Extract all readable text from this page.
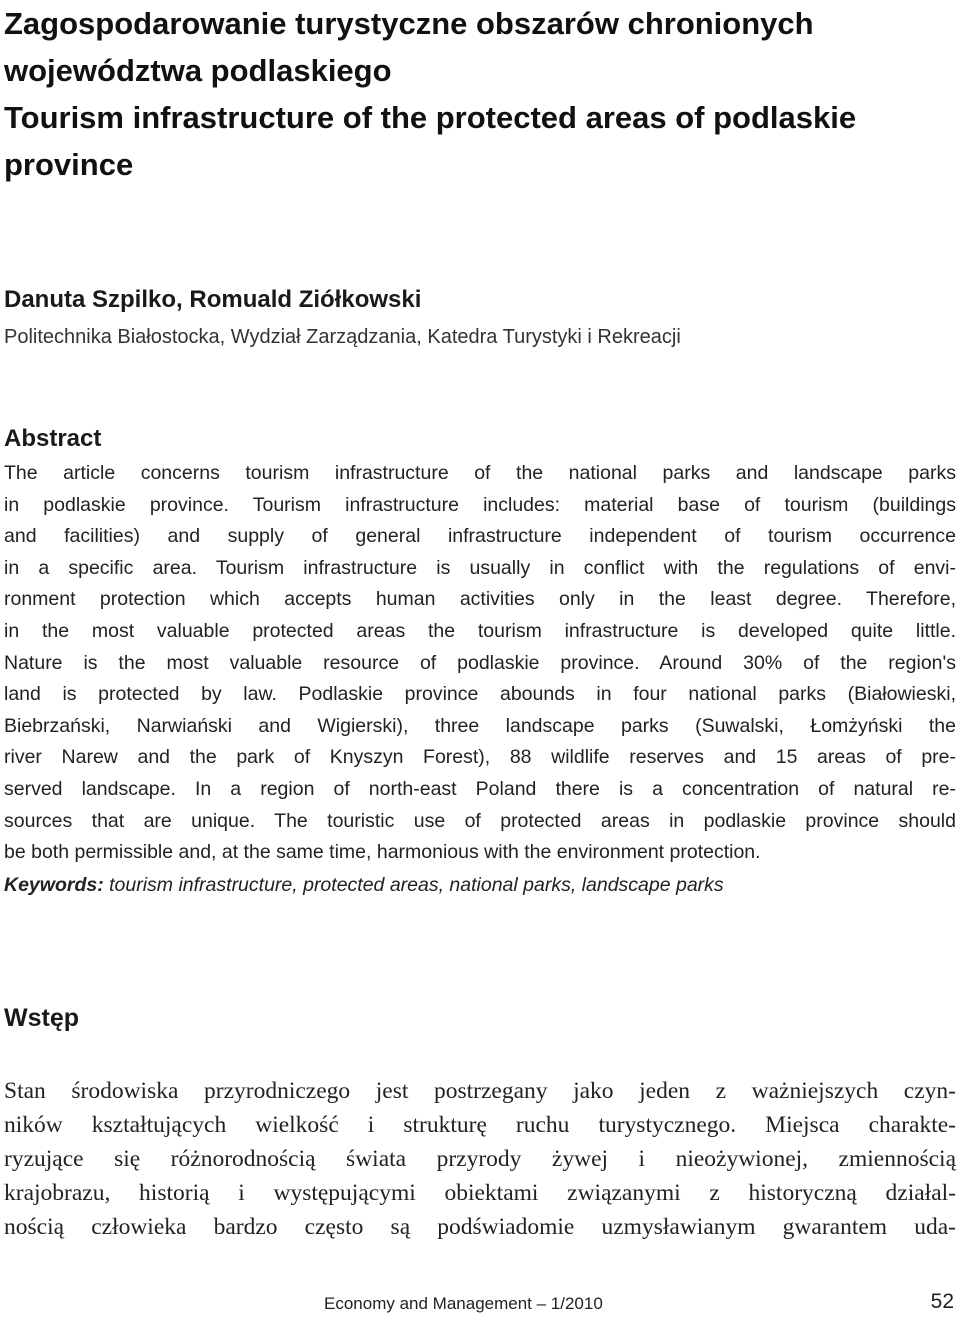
Zagospodarowanie turystyczne obszarów chronionych
województwa podlaskiego
Tourism infrastructure of the protected areas of podlaskie
province
Danuta Szpilko, Romuald Ziółkowski
Politechnika Białostocka, Wydział Zarządzania, Katedra Turystyki i Rekreacji
Abstract
The article concerns tourism infrastructure of the national parks and landscape parks
in podlaskie province. Tourism infrastructure includes: material base of tourism (buildings
and facilities) and supply of general infrastructure independent of tourism occurrence
in a specific area. Tourism infrastructure is usually in conflict with the regulations of envi-
ronment protection which accepts human activities only in the least degree. Therefore,
in the most valuable protected areas the tourism infrastructure is developed quite little.
Nature is the most valuable resource of podlaskie province. Around 30% of the region's
land is protected by law. Podlaskie province abounds in four national parks (Białowieski,
Biebrzański, Narwiański and Wigierski), three landscape parks (Suwalski, Łomżyński the
river Narew and the park of Knyszyn Forest), 88 wildlife reserves and 15 areas of pre-
served landscape. In a region of north-east Poland there is a concentration of natural re-
sources that are unique. The touristic use of protected areas in podlaskie province should
be both permissible and, at the same time, harmonious with the environment protection.
Keywords: tourism infrastructure, protected areas, national parks, landscape parks
Wstęp
Stan środowiska przyrodniczego jest postrzegany jako jeden z ważniejszych czyn-
ników kształtujących wielkość i strukturę ruchu turystycznego. Miejsca charakte-
ryzujące się różnorodnością świata przyrody żywej i nieożywionej, zmiennością
krajobrazu, historią i występującymi obiektami związanymi z historyczną działal-
nością człowieka bardzo często są podświadomie uzmysławianym gwarantem uda-
Economy and Management – 1/2010	52
